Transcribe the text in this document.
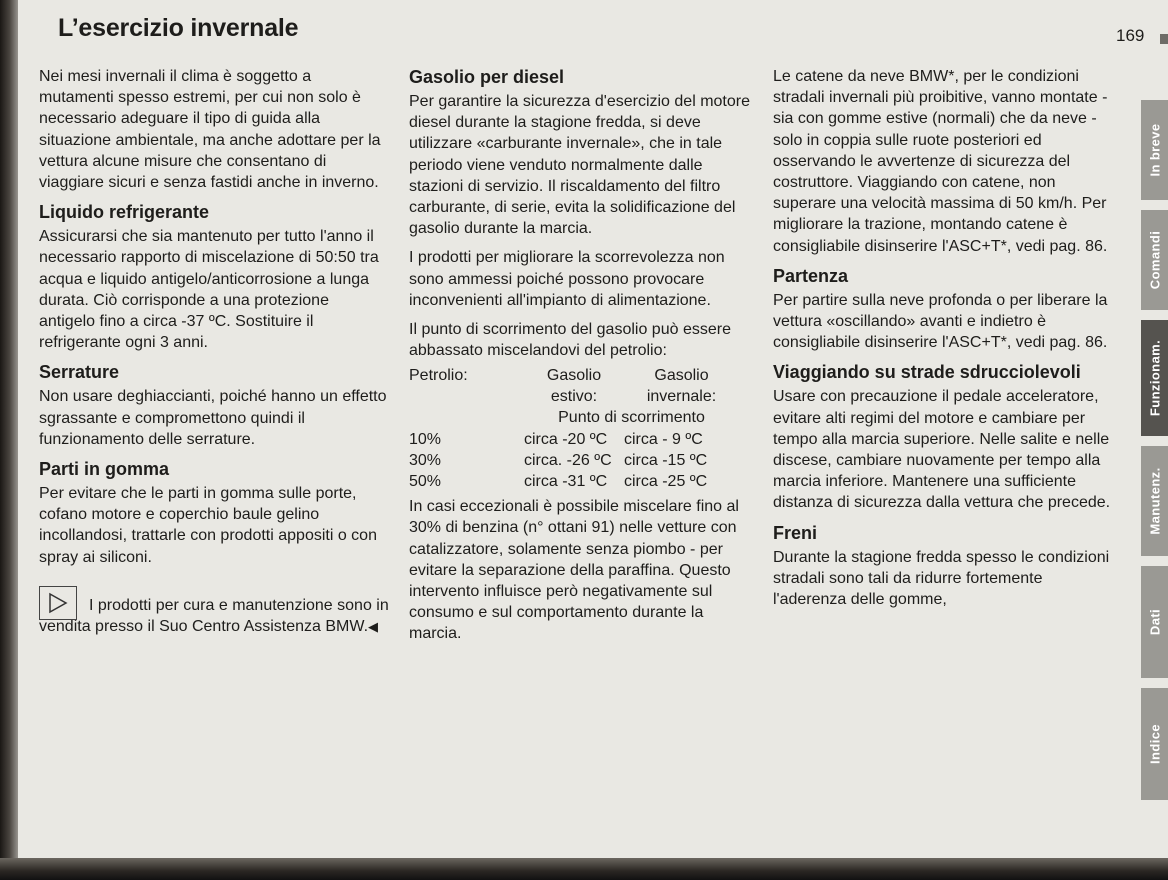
L’esercizio invernale	169

Nei mesi invernali il clima è soggetto a mutamenti spesso estremi, per cui non solo è necessario adeguare il tipo di guida alla situazione ambientale, ma anche adottare per la vettura alcune misure che consentano di viaggiare sicuri e senza fastidi anche in inverno.

Liquido refrigerante

Assicurarsi che sia mantenuto per tutto l'anno il necessario rapporto di miscelazione di 50:50 tra acqua e liquido antigelo/anticorrosione a lunga durata. Ciò corrisponde a una protezione antigelo fino a circa -37 ºC. Sostituire il refrigerante ogni 3 anni.

Serrature

Non usare deghiaccianti, poiché hanno un effetto sgrassante e compromettono quindi il funzionamento delle serrature.

Parti in gomma

Per evitare che le parti in gomma sulle porte, cofano motore e coperchio baule gelino incollandosi, trattarle con prodotti appositi o con spray ai siliconi.

I prodotti per cura e manutenzione sono in vendita presso il Suo Centro Assistenza BMW.◀

Gasolio per diesel

Per garantire la sicurezza d'esercizio del motore diesel durante la stagione fredda, si deve utilizzare «carburante invernale», che in tale periodo viene venduto normalmente dalle stazioni di servizio. Il riscaldamento del filtro carburante, di serie, evita la solidificazione del gasolio durante la marcia.

I prodotti per migliorare la scorrevolezza non sono ammessi poiché possono provocare inconvenienti all'impianto di alimentazione.

Il punto di scorrimento del gasolio può essere abbassato miscelandovi del petrolio:

Petrolio:	Gasolio estivo:	Gasolio invernale:
	Punto di scorrimento	
10%	circa -20 ºC	circa - 9 ºC
30%	circa. -26 ºC	circa -15 ºC
50%	circa -31 ºC	circa -25 ºC

In casi eccezionali è possibile miscelare fino al 30% di benzina (n° ottani 91) nelle vetture con catalizzatore, solamente senza piombo - per evitare la separazione della paraffina. Questo intervento influisce però negativamente sul consumo e sul comportamento durante la marcia.

Le catene da neve BMW*, per le condizioni stradali invernali più proibitive, vanno montate - sia con gomme estive (normali) che da neve - solo in coppia sulle ruote posteriori ed osservando le avvertenze di sicurezza del costruttore. Viaggiando con catene, non superare una velocità massima di 50 km/h. Per migliorare la trazione, montando catene è consigliabile disinserire l'ASC+T*, vedi pag. 86.

Partenza

Per partire sulla neve profonda o per liberare la vettura «oscillando» avanti e indietro è consigliabile disinserire l'ASC+T*, vedi pag. 86.

Viaggiando su strade sdrucciolevoli

Usare con precauzione il pedale acceleratore, evitare alti regimi del motore e cambiare per tempo alla marcia superiore. Nelle salite e nelle discese, cambiare nuovamente per tempo alla marcia inferiore. Mantenere una sufficiente distanza di sicurezza dalla vettura che precede.

Freni

Durante la stagione fredda spesso le condizioni stradali sono tali da ridurre fortemente l'aderenza delle gomme,

In breve
Comandi
Funzionam.
Manutenz.
Dati
Indice
